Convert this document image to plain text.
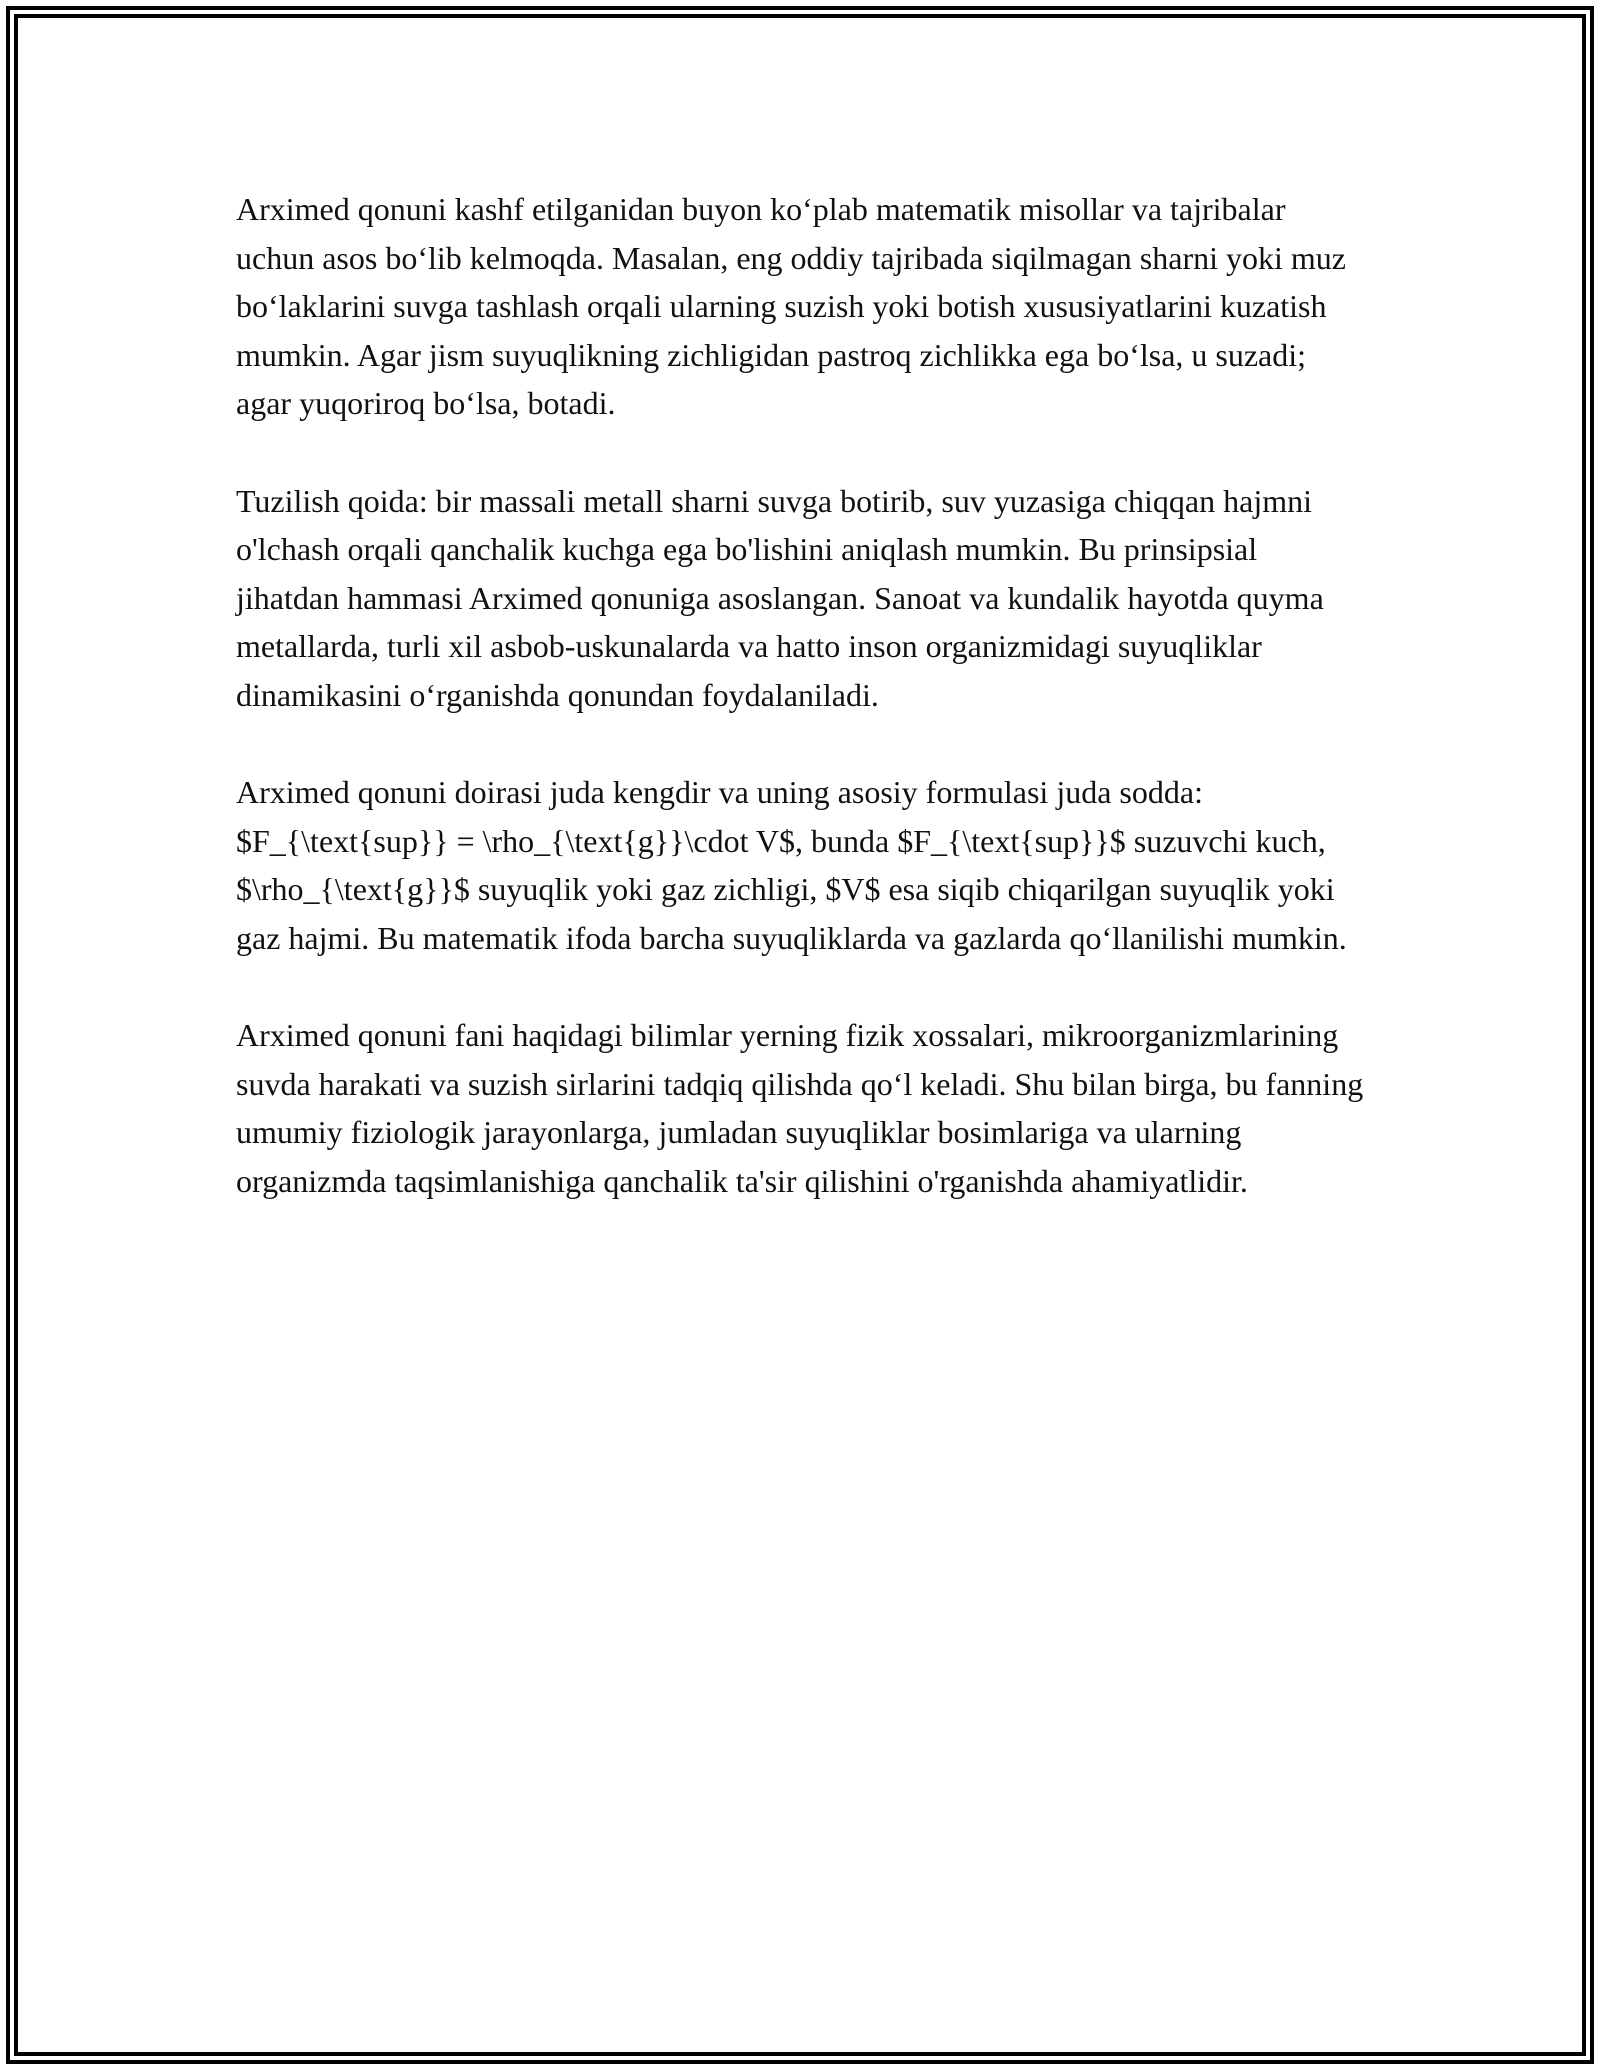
Arximed qonuni kashf etilganidan buyon ko‘plab matematik misollar va tajribalar uchun asos bo‘lib kelmoqda. Masalan, eng oddiy tajribada siqilmagan sharni yoki muz bo‘laklarini suvga tashlash orqali ularning suzish yoki botish xususiyatlarini kuzatish mumkin. Agar jism suyuqlikning zichligidan pastroq zichlikka ega bo‘lsa, u suzadi; agar yuqoriroq bo‘lsa, botadi.

Tuzilish qoida: bir massali metall sharni suvga botirib, suv yuzasiga chiqqan hajmni o'lchash orqali qanchalik kuchga ega bo'lishini aniqlash mumkin. Bu prinsipsial jihatdan hammasi Arximed qonuniga asoslangan. Sanoat va kundalik hayotda quyma metallarda, turli xil asbob-uskunalarda va hatto inson organizmidagi suyuqliklar dinamikasini o‘rganishda qonundan foydalaniladi.

Arximed qonuni doirasi juda kengdir va uning asosiy formulasi juda sodda: $F_{\text{sup}} = \rho_{\text{g}}\cdot V$, bunda $F_{\text{sup}}$ suzuvchi kuch, $\rho_{\text{g}}$ suyuqlik yoki gaz zichligi, $V$ esa siqib chiqarilgan suyuqlik yoki gaz hajmi. Bu matematik ifoda barcha suyuqliklarda va gazlarda qo‘llanilishi mumkin.

Arximed qonuni fani haqidagi bilimlar yerning fizik xossalari, mikroorganizmlarining suvda harakati va suzish sirlarini tadqiq qilishda qo‘l keladi. Shu bilan birga, bu fanning umumiy fiziologik jarayonlarga, jumladan suyuqliklar bosimlariga va ularning organizmda taqsimlanishiga qanchalik ta'sir qilishini o'rganishda ahamiyatlidir.
